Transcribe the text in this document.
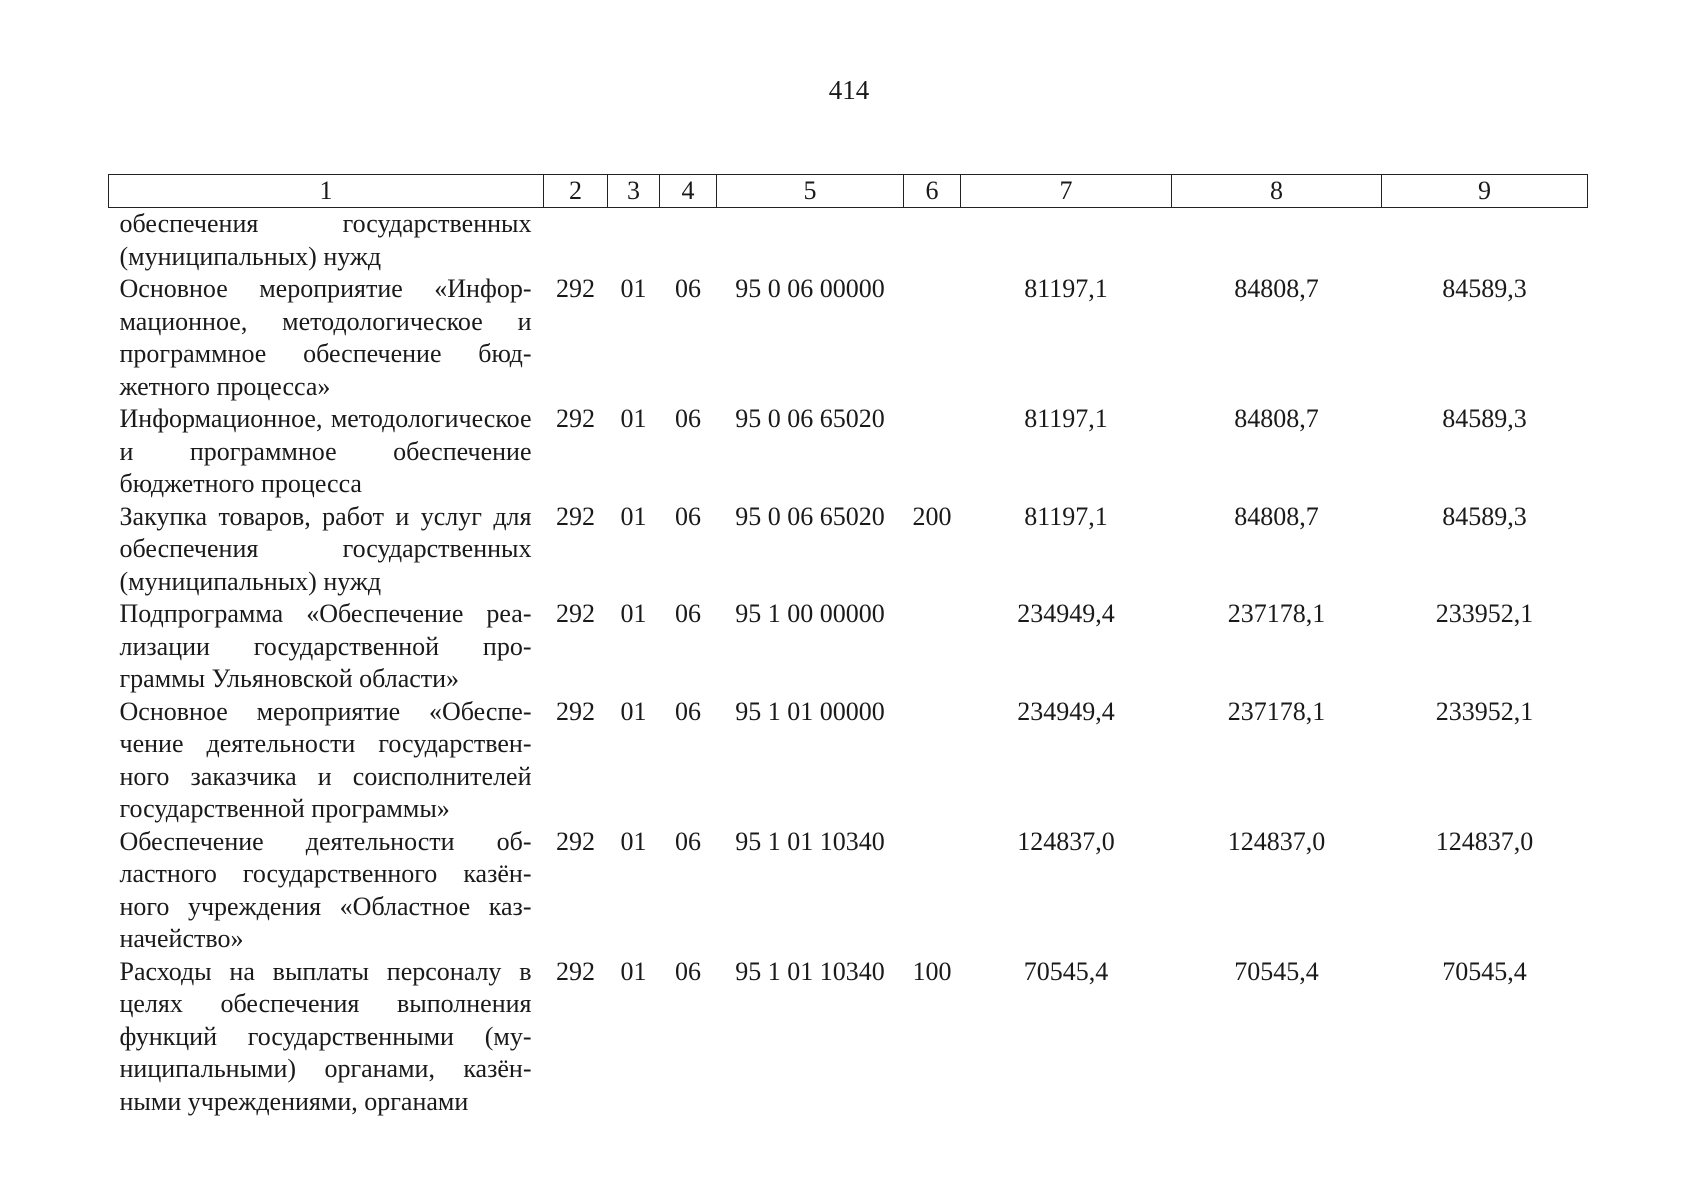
414
1	2	3	4	5	6	7	8	9
обеспечения государственных (муниципальных) нужд								
Основное мероприятие «Информационное, методологическое и программное обеспечение бюджетного процесса»	292	01	06	95 0 06 00000		81197,1	84808,7	84589,3
Информационное, методологическое и программное обеспечение бюджетного процесса	292	01	06	95 0 06 65020		81197,1	84808,7	84589,3
Закупка товаров, работ и услуг для обеспечения государственных (муниципальных) нужд	292	01	06	95 0 06 65020	200	81197,1	84808,7	84589,3
Подпрограмма «Обеспечение реализации государственной программы Ульяновской области»	292	01	06	95 1 00 00000		234949,4	237178,1	233952,1
Основное мероприятие «Обеспечение деятельности государственного заказчика и соисполнителей государственной программы»	292	01	06	95 1 01 00000		234949,4	237178,1	233952,1
Обеспечение деятельности областного государственного казённого учреждения «Областное казначейство»	292	01	06	95 1 01 10340		124837,0	124837,0	124837,0
Расходы на выплаты персоналу в целях обеспечения выполнения функций государственными (муниципальными) органами, казёнными учреждениями, органами	292	01	06	95 1 01 10340	100	70545,4	70545,4	70545,4
